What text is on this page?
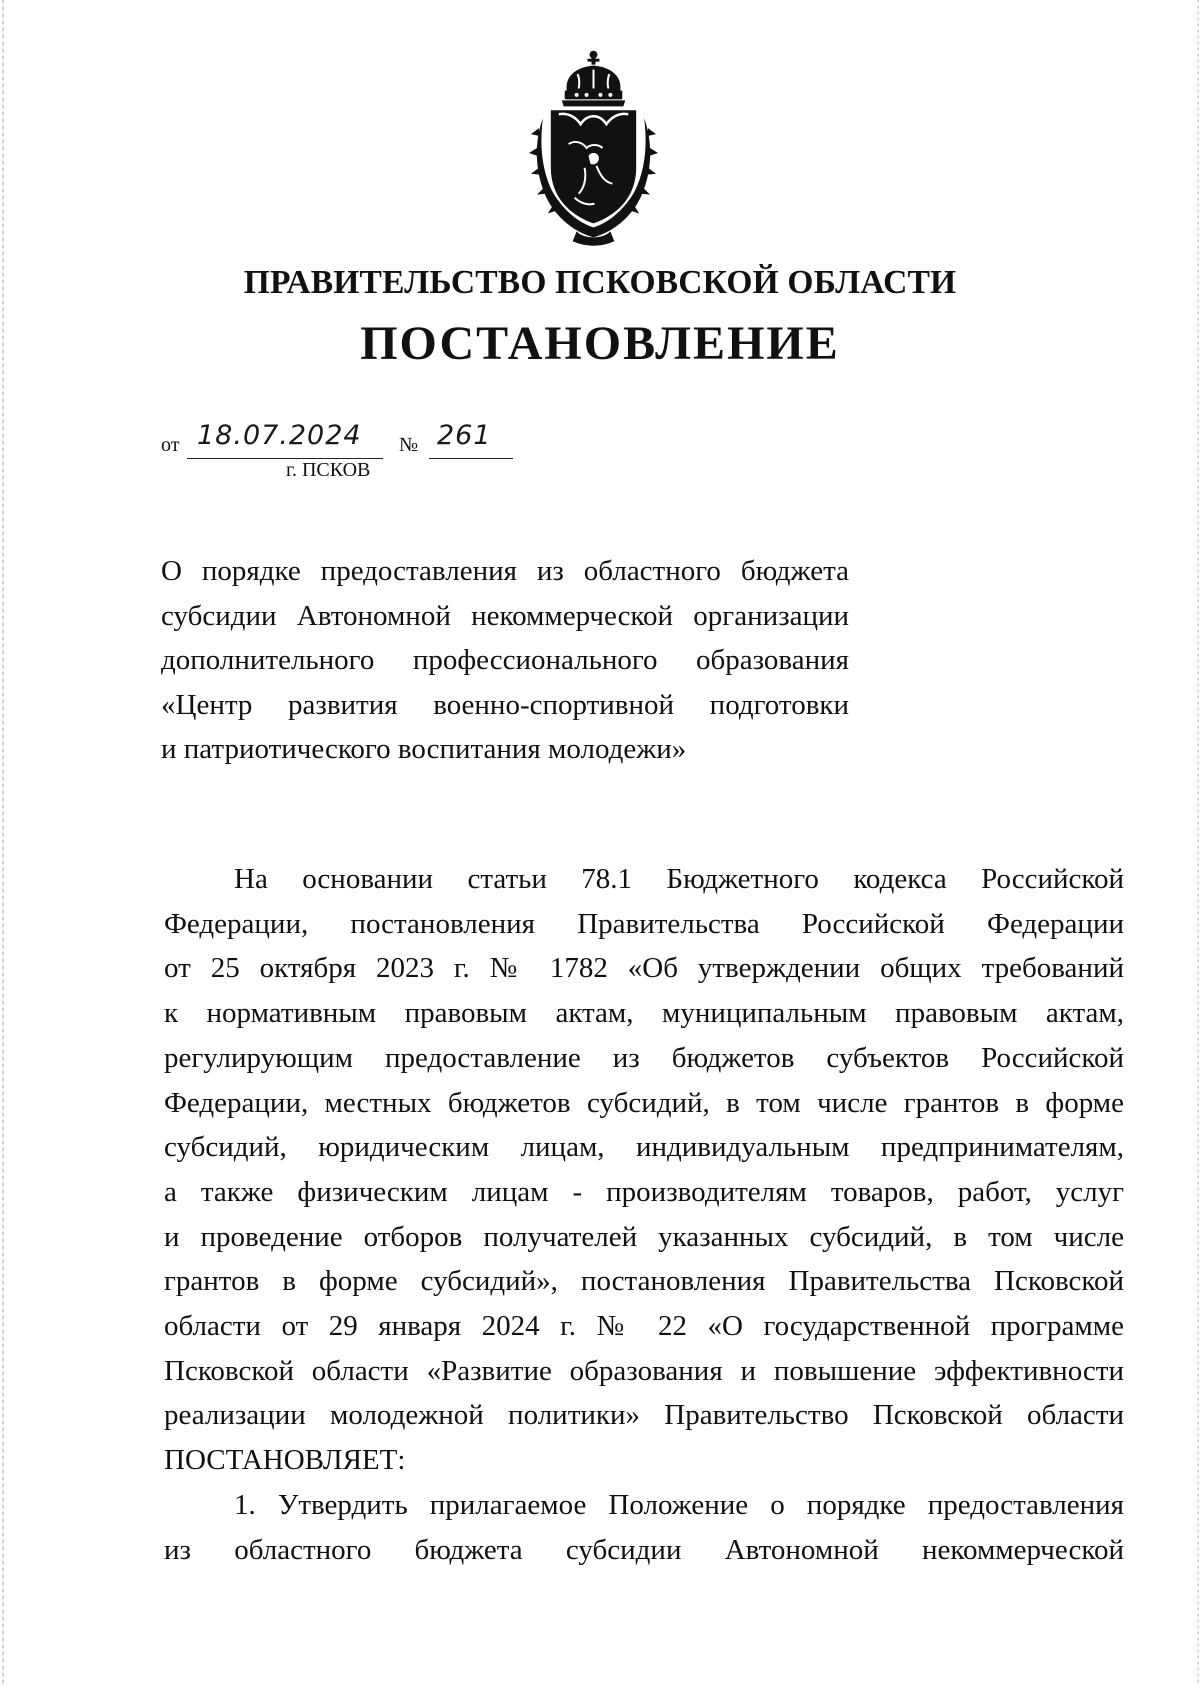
ПРАВИТЕЛЬСТВО ПСКОВСКОЙ ОБЛАСТИ
ПОСТАНОВЛЕНИЕ
от 18.07.2024 № 261
г. ПСКОВ
О порядке предоставления из областного бюджета
субсидии Автономной некоммерческой организации
дополнительного профессионального образования
«Центр развития военно-спортивной подготовки
и патриотического воспитания молодежи»
На основании статьи 78.1 Бюджетного кодекса Российской
Федерации, постановления Правительства Российской Федерации
от 25 октября 2023 г. № 1782 «Об утверждении общих требований
к нормативным правовым актам, муниципальным правовым актам,
регулирующим предоставление из бюджетов субъектов Российской
Федерации, местных бюджетов субсидий, в том числе грантов в форме
субсидий, юридическим лицам, индивидуальным предпринимателям,
а также физическим лицам - производителям товаров, работ, услуг
и проведение отборов получателей указанных субсидий, в том числе
грантов в форме субсидий», постановления Правительства Псковской
области от 29 января 2024 г. № 22 «О государственной программе
Псковской области «Развитие образования и повышение эффективности
реализации молодежной политики» Правительство Псковской области
ПОСТАНОВЛЯЕТ:
1. Утвердить прилагаемое Положение о порядке предоставления
из областного бюджета субсидии Автономной некоммерческой
